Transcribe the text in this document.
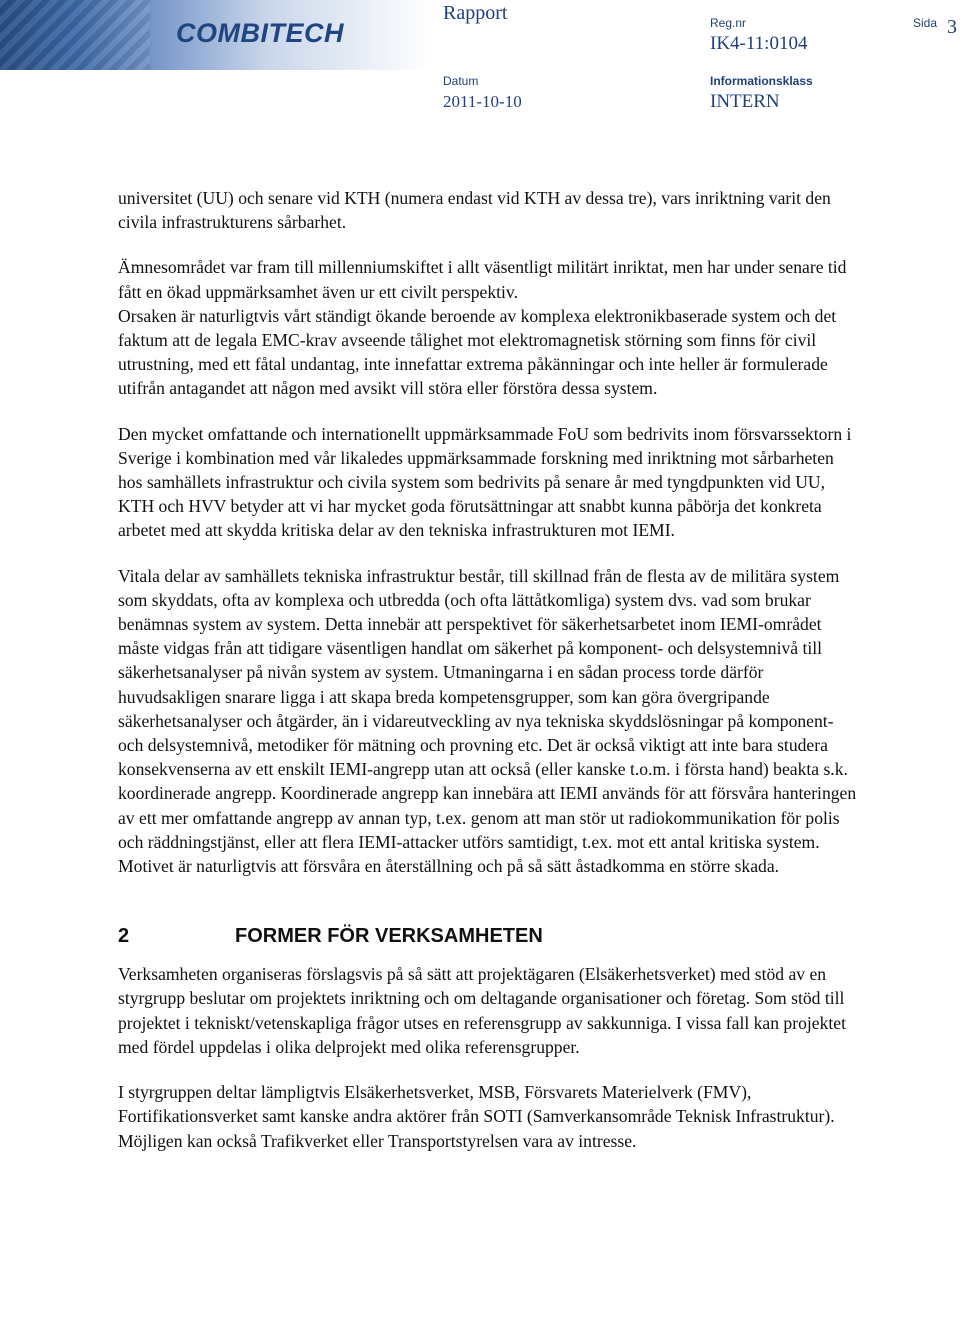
COMBITECH
Rapport	Reg.nr
IK4-11:0104
Sida 3
Datum
2011-10-10
Informationsklass
INTERN

universitet (UU) och senare vid KTH (numera endast vid KTH av dessa tre), vars inriktning varit den civila infrastrukturens sårbarhet.

Ämnesområdet var fram till millenniumskiftet i allt väsentligt militärt inriktat, men har under senare tid fått en ökad uppmärksamhet även ur ett civilt perspektiv.

Orsaken är naturligtvis vårt ständigt ökande beroende av komplexa elektronikbaserade system och det faktum att de legala EMC-krav avseende tålighet mot elektromagnetisk störning som finns för civil utrustning, med ett fåtal undantag, inte innefattar extrema påkänningar och inte heller är formulerade utifrån antagandet att någon med avsikt vill störa eller förstöra dessa system.

Den mycket omfattande och internationellt uppmärksammade FoU som bedrivits inom försvarssektorn i Sverige i kombination med vår likaledes uppmärksammade forskning med inriktning mot sårbarheten hos samhällets infrastruktur och civila system som bedrivits på senare år med tyngdpunkten vid UU, KTH och HVV betyder att vi har mycket goda förutsättningar att snabbt kunna påbörja det konkreta arbetet med att skydda kritiska delar av den tekniska infrastrukturen mot IEMI.

Vitala delar av samhällets tekniska infrastruktur består, till skillnad från de flesta av de militära system som skyddats, ofta av komplexa och utbredda (och ofta lättåtkomliga) system dvs. vad som brukar benämnas system av system. Detta innebär att perspektivet för säkerhetsarbetet inom IEMI-området måste vidgas från att tidigare väsentligen handlat om säkerhet på komponent- och delsystemnivå till säkerhetsanalyser på nivån system av system. Utmaningarna i en sådan process torde därför huvudsakligen snarare ligga i att skapa breda kompetensgrupper, som kan göra övergripande säkerhetsanalyser och åtgärder, än i vidareutveckling av nya tekniska skyddslösningar på komponent- och delsystemnivå, metodiker för mätning och provning etc. Det är också viktigt att inte bara studera konsekvenserna av ett enskilt IEMI-angrepp utan att också (eller kanske t.o.m. i första hand) beakta s.k. koordinerade angrepp. Koordinerade angrepp kan innebära att IEMI används för att försvåra hanteringen av ett mer omfattande angrepp av annan typ, t.ex. genom att man stör ut radiokommunikation för polis och räddningstjänst, eller att flera IEMI-attacker utförs samtidigt, t.ex. mot ett antal kritiska system. Motivet är naturligtvis att försvåra en återställning och på så sätt åstadkomma en större skada.

2	FORMER FÖR VERKSAMHETEN

Verksamheten organiseras förslagsvis på så sätt att projektägaren (Elsäkerhetsverket) med stöd av en styrgrupp beslutar om projektets inriktning och om deltagande organisationer och företag. Som stöd till projektet i tekniskt/vetenskapliga frågor utses en referensgrupp av sakkunniga. I vissa fall kan projektet med fördel uppdelas i olika delprojekt med olika referensgrupper.

I styrgruppen deltar lämpligtvis Elsäkerhetsverket, MSB, Försvarets Materielverk (FMV), Fortifikationsverket samt kanske andra aktörer från SOTI (Samverkansområde Teknisk Infrastruktur). Möjligen kan också Trafikverket eller Transportstyrelsen vara av intresse.
